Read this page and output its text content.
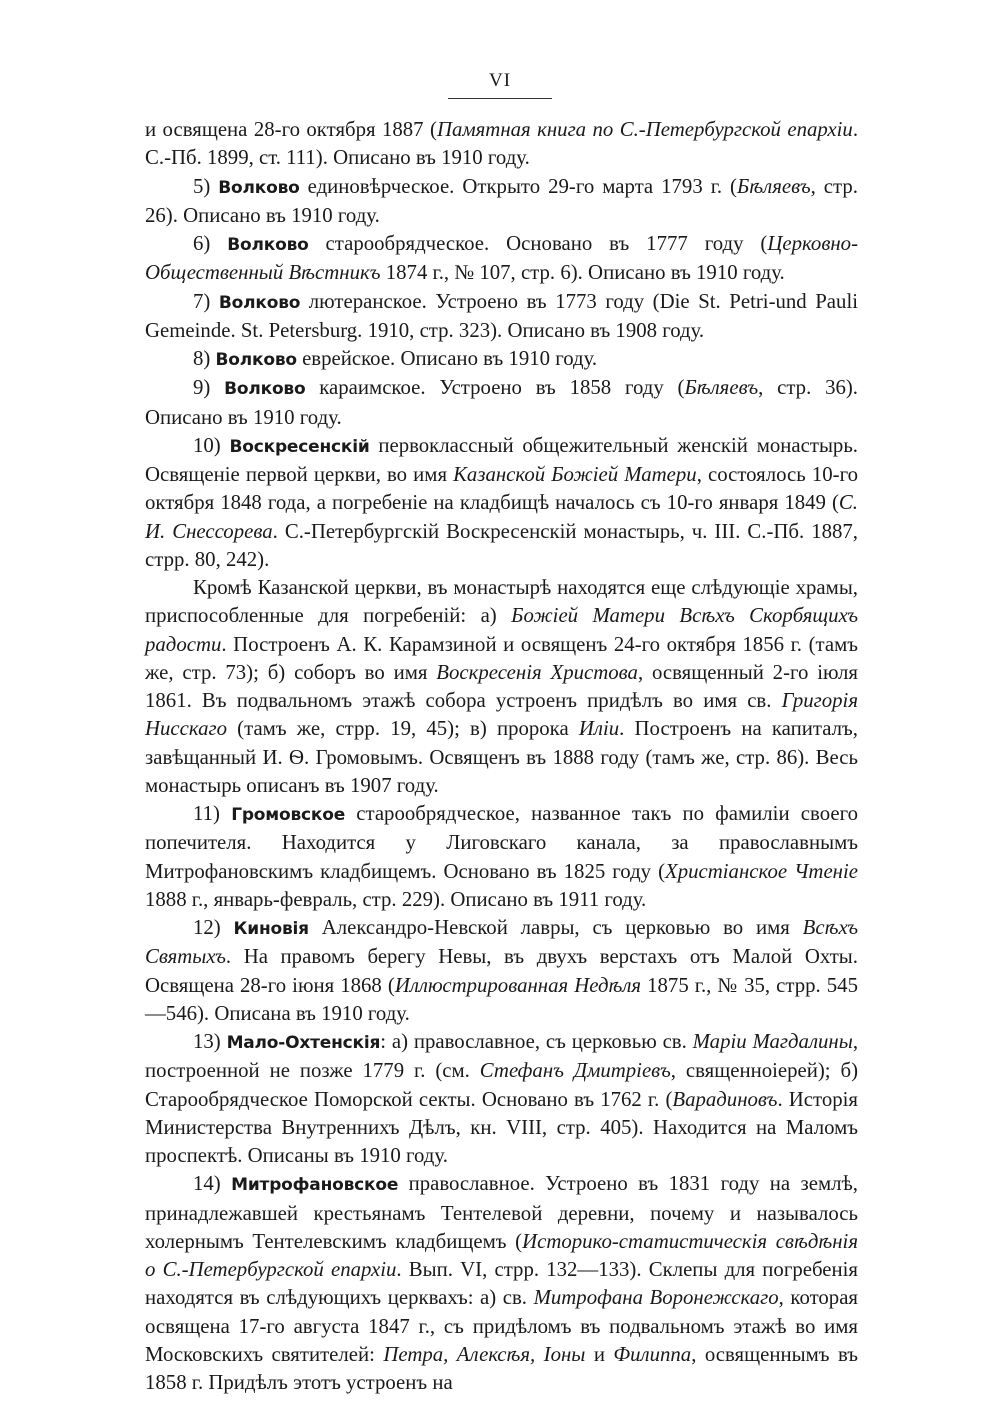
VI

и освящена 28-го октября 1887 (Памятная книга по С.-Петербургской епархіи. С.-Пб. 1899, ст. 111). Описано въ 1910 году.

5) Волково единовѣрческое. Открыто 29-го марта 1793 г. (Бѣляевъ, стр. 26). Описано въ 1910 году.

6) Волково старообрядческое. Основано въ 1777 году (Церковно-Общественный Вѣстникъ 1874 г., № 107, стр. 6). Описано въ 1910 году.

7) Волково лютеранское. Устроено въ 1773 году (Die St. Petri-und Pauli Gemeinde. St. Petersburg. 1910, стр. 323). Описано въ 1908 году.

8) Волково еврейское. Описано въ 1910 году.

9) Волково караимское. Устроено въ 1858 году (Бѣляевъ, стр. 36). Описано въ 1910 году.

10) Воскресенскій первоклассный общежительный женскій монастырь. Освященіе первой церкви, во имя Казанской Божіей Матери, состоялось 10-го октября 1848 года, а погребеніе на кладбищѣ началось съ 10-го января 1849 (С. И. Снессорева. С.-Петербургскій Воскресенскій монастырь, ч. III. С.-Пб. 1887, стрр. 80, 242).

Кромѣ Казанской церкви, въ монастырѣ находятся еще слѣдующіе храмы, приспособленные для погребеній: а) Божіей Матери Всѣхъ Скорбящихъ радости. Построенъ А. К. Карамзиной и освященъ 24-го октября 1856 г. (тамъ же, стр. 73); б) соборъ во имя Воскресенія Христова, освященный 2-го іюля 1861. Въ подвальномъ этажѣ собора устроенъ придѣлъ во имя св. Григорія Нисскаго (тамъ же, стрр. 19, 45); в) пророка Иліи. Построенъ на капиталъ, завѣщанный И. Ѳ. Громовымъ. Освященъ въ 1888 году (тамъ же, стр. 86). Весь монастырь описанъ въ 1907 году.

11) Громовское старообрядческое, названное такъ по фамиліи своего попечителя. Находится у Лиговскаго канала, за православнымъ Митрофановскимъ кладбищемъ. Основано въ 1825 году (Христіанское Чтеніе 1888 г., январь-февраль, стр. 229). Описано въ 1911 году.

12) Киновія Александро-Невской лавры, съ церковью во имя Всѣхъ Святыхъ. На правомъ берегу Невы, въ двухъ верстахъ отъ Малой Охты. Освящена 28-го іюня 1868 (Иллюстрированная Недѣля 1875 г., № 35, стрр. 545—546). Описана въ 1910 году.

13) Мало-Охтенскія: а) православное, съ церковью св. Маріи Магдалины, построенной не позже 1779 г. (см. Стефанъ Дмитріевъ, священноіерей); б) Старообрядческое Поморской секты. Основано въ 1762 г. (Варадиновъ. Исторія Министерства Внутреннихъ Дѣлъ, кн. VIII, стр. 405). Находится на Маломъ проспектѣ. Описаны въ 1910 году.

14) Митрофановское православное. Устроено въ 1831 году на землѣ, принадлежавшей крестьянамъ Тентелевой деревни, почему и называлось холернымъ Тентелевскимъ кладбищемъ (Историко-статистическія свѣдѣнія о С.-Петербургской епархіи. Вып. VI, стрр. 132—133). Склепы для погребенія находятся въ слѣдующихъ церквахъ: а) св. Митрофана Воронежскаго, которая освящена 17-го августа 1847 г., съ придѣломъ въ подвальномъ этажѣ во имя Московскихъ святителей: Петра, Алексѣя, Іоны и Филиппа, освященнымъ въ 1858 г. Придѣлъ этотъ устроенъ на
